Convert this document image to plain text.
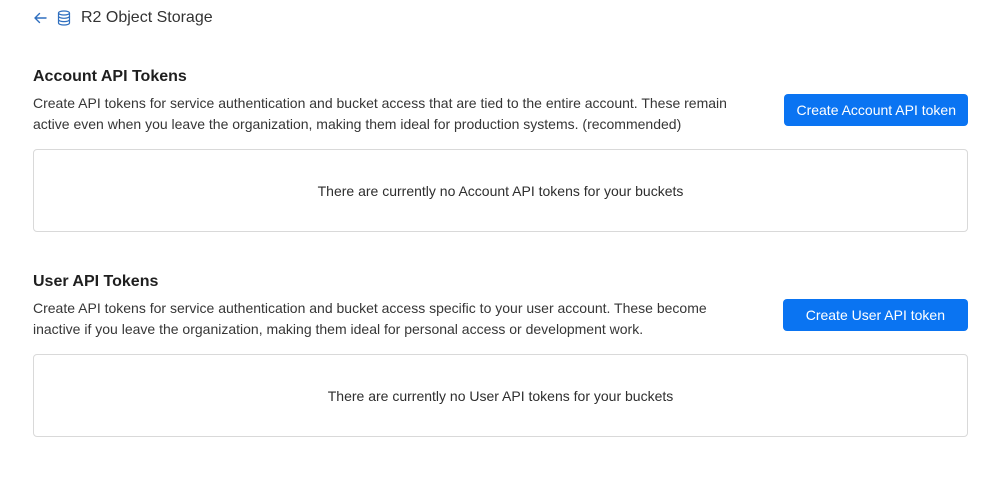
R2 Object Storage
Account API Tokens

Create API tokens for service authentication and bucket access that are tied to the entire account. These remain active even when you leave the organization, making them ideal for production systems. (recommended)

Create Account API token
There are currently no Account API tokens for your buckets
User API Tokens

Create API tokens for service authentication and bucket access specific to your user account. These become inactive if you leave the organization, making them ideal for personal access or development work.

Create User API token
There are currently no User API tokens for your buckets
